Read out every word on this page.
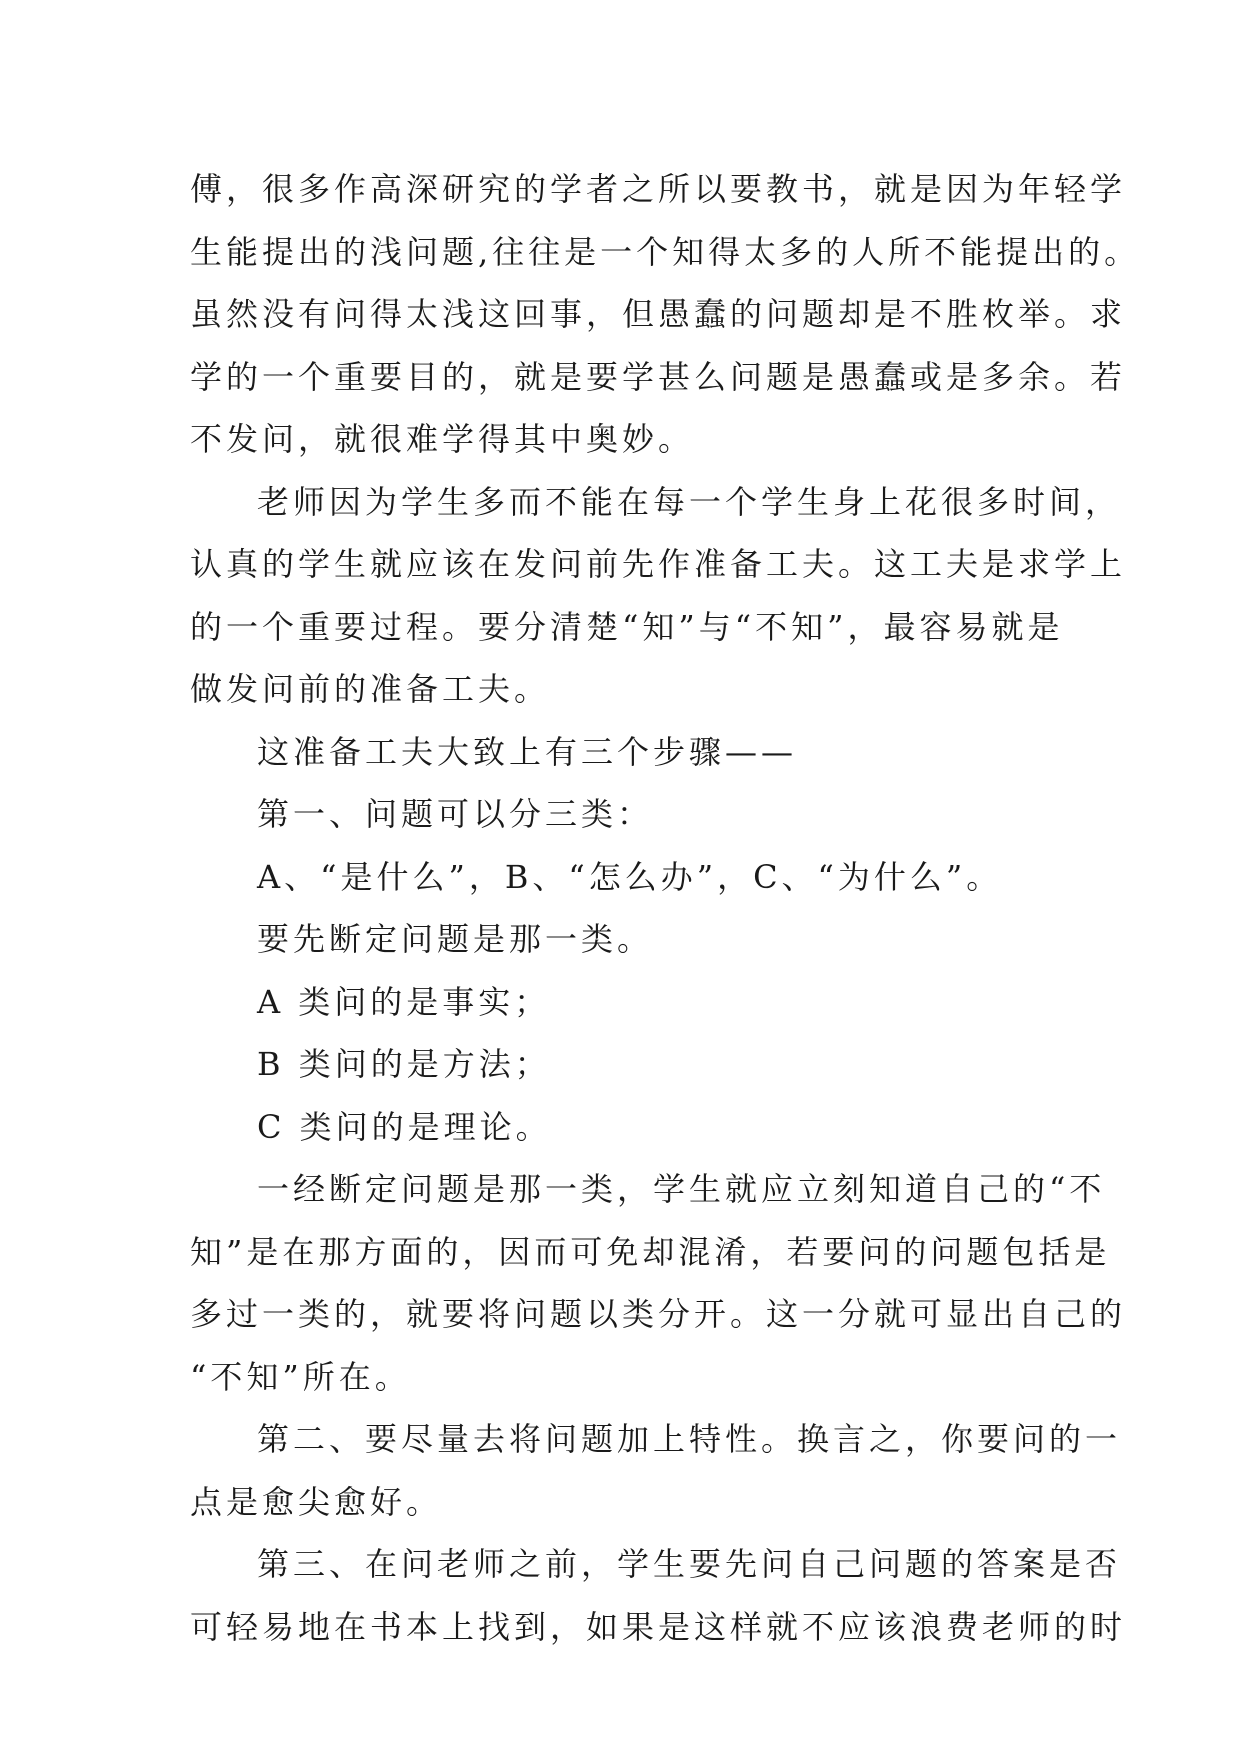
傅，很多作高深研究的学者之所以要教书，就是因为年轻学
生能提出的浅问题,往往是一个知得太多的人所不能提出的。
虽然没有问得太浅这回事，但愚蠢的问题却是不胜枚举。求
学的一个重要目的，就是要学甚么问题是愚蠢或是多余。若
不发问，就很难学得其中奥妙。
老师因为学生多而不能在每一个学生身上花很多时间，
认真的学生就应该在发问前先作准备工夫。这工夫是求学上
的一个重要过程。要分清楚“知”与“不知”，最容易就是
做发问前的准备工夫。
这准备工夫大致上有三个步骤——
第一、问题可以分三类：
A、“是什么”，B、“怎么办”，C、“为什么”。
要先断定问题是那一类。
A 类问的是事实；
B 类问的是方法；
C 类问的是理论。
一经断定问题是那一类，学生就应立刻知道自己的“不
知”是在那方面的，因而可免却混淆，若要问的问题包括是
多过一类的，就要将问题以类分开。这一分就可显出自己的
“不知”所在。
第二、要尽量去将问题加上特性。换言之，你要问的一
点是愈尖愈好。
第三、在问老师之前，学生要先问自己问题的答案是否
可轻易地在书本上找到，如果是这样就不应该浪费老师的时
